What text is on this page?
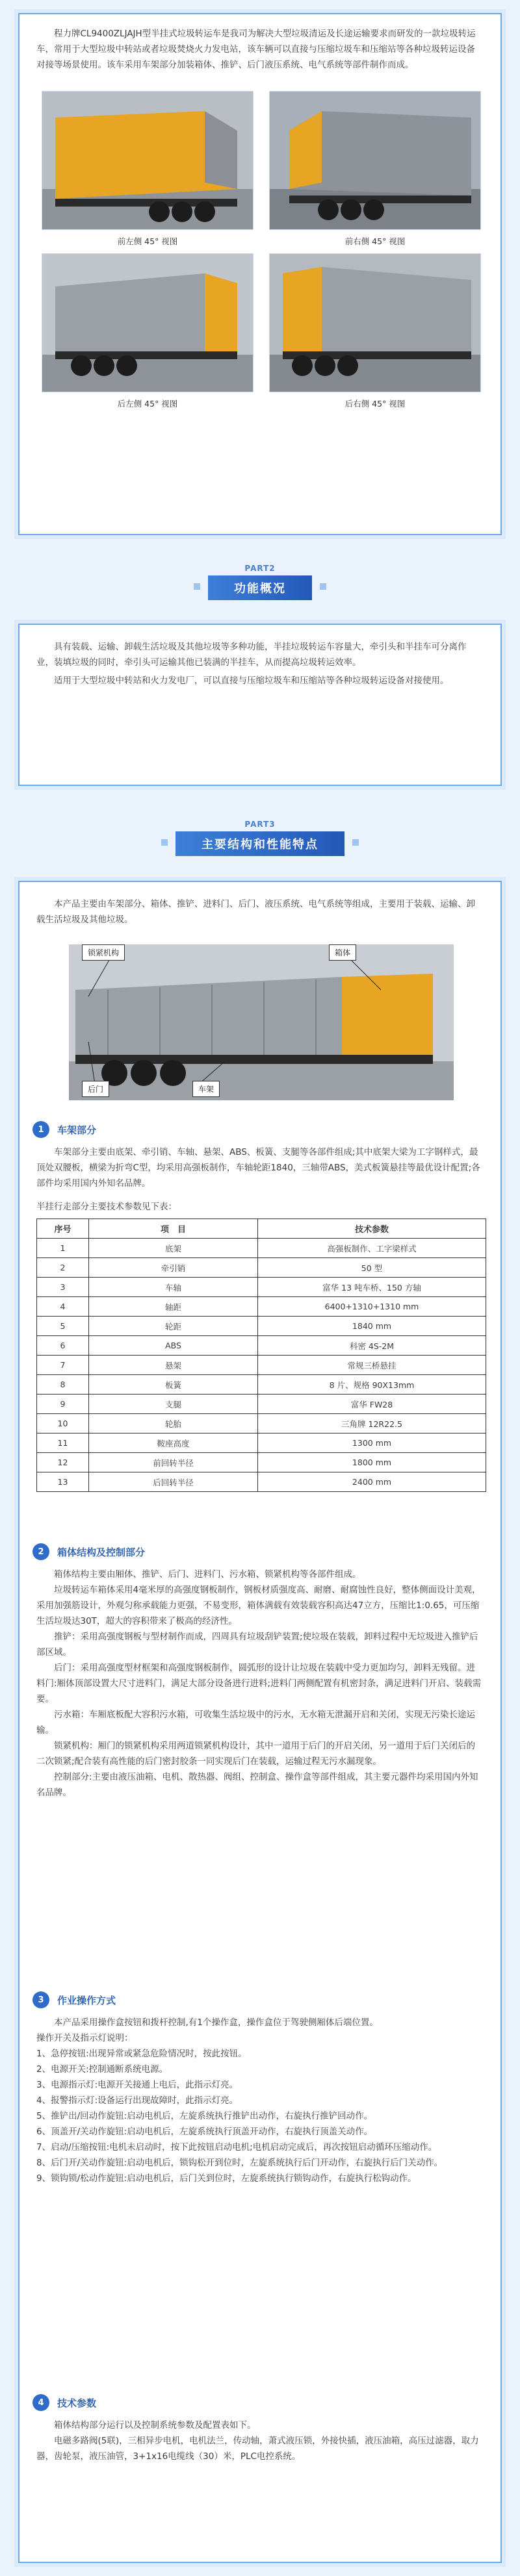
程力牌CL9400ZLJAJH型半挂式垃圾转运车是我司为解决大型垃圾清运及长途运输要求而研发的一款垃圾转运车，常用于大型垃圾中转站或者垃圾焚烧火力发电站，该车辆可以直接与压缩垃圾车和压缩站等各种垃圾转运设备对接等场景使用。该车采用车架部分加装箱体、推铲、后门液压系统、电气系统等部件制作而成。

前左侧 45° 视图	前右侧 45° 视图
后左侧 45° 视图	后右侧 45° 视图
PART2
功能概况

具有装载、运输、卸载生活垃圾及其他垃圾等多种功能，半挂垃圾转运车容量大，牵引头和半挂车可分离作业，装填垃圾的同时，牵引头可运输其他已装满的半挂车，从而提高垃圾转运效率。

适用于大型垃圾中转站和火力发电厂，可以直接与压缩垃圾车和压缩站等各种垃圾转运设备对接使用。

PART3
主要结构和性能特点

本产品主要由车架部分、箱体、推铲、进料门、后门、液压系统、电气系统等组成，主要用于装载、运输、卸载生活垃圾及其他垃圾。

锁紧机构	箱体
后门	车架
1	车架部分

车架部分主要由底架、牵引销、车轴、悬架、ABS、板簧、支腿等各部件组成;其中底架大梁为工字钢样式，最顶处双腰板，横梁为折弯C型，均采用高强板制作，车轴轮距1840，三轴带ABS，美式板簧悬挂等最优设计配置;各部件均采用国内外知名品牌。

半挂行走部分主要技术参数见下表：

序号	项　目	技术参数
1	底架	高强板制作、工字梁样式
2	牵引销	50 型
3	车轴	富华 13 吨车桥、150 方轴
4	轴距	6400+1310+1310 mm
5	轮距	1840 mm
6	ABS	科密 4S-2M
7	悬架	常规三桥悬挂
8	板簧	8 片、规格 90X13mm
9	支腿	富华 FW28
10	轮胎	三角牌 12R22.5
11	鞍座高度	1300 mm
12	前回转半径	1800 mm
13	后回转半径	2400 mm
2	箱体结构及控制部分

箱体结构主要由厢体、推铲、后门、进料门、污水箱、锁紧机构等各部件组成。

垃圾转运车箱体采用4毫米厚的高强度钢板制作，钢板材质强度高、耐磨、耐腐蚀性良好，整体侧面设计美观，采用加强筋设计，外观匀称承载能力更强，不易变形，箱体满载有效装载容积高达47立方，压缩比1:0.65，可压缩生活垃圾达30T，超大的容积带来了极高的经济性。

推铲：采用高强度钢板与型材制作而成，四周具有垃圾刮铲装置;使垃圾在装载，卸料过程中无垃圾进入推铲后部区域。

后门：采用高强度型材框架和高强度钢板制作，圆弧形的设计让垃圾在装载中受力更加均匀，卸料无残留。进料门:厢体顶部设置大尺寸进料门，满足大部分设备进行进料;进料门两侧配置有机密封条，满足进料门开启、装载需要。

污水箱：车厢底板配大容积污水箱，可收集生活垃圾中的污水，无水箱无泄漏开启和关闭，实现无污染长途运输。

锁紧机构：厢门的锁紧机构采用两道锁紧机构设计，其中一道用于后门的开启关闭，另一道用于后门关闭后的二次锁紧;配合装有高性能的后门密封胶条一同实现后门在装载，运输过程无污水漏现象。

控制部分:主要由液压油箱、电机、散热器、阀组、控制盒、操作盒等部件组成，其主要元器件均采用国内外知名品牌。

3	作业操作方式

本产品采用操作盒按钮和拨杆控制,有1个操作盒，操作盒位于驾驶侧厢体后端位置。

操作开关及指示灯说明：

1、急停按钮:出现异常或紧急危险情况时，按此按钮。

2、电源开关:控制通断系统电源。

3、电源指示灯:电源开关接通上电后，此指示灯亮。

4、报警指示灯:设备运行出现故障时，此指示灯亮。

5、推铲出/回动作旋钮:启动电机后，左旋系统执行推铲出动作，右旋执行推铲回动作。

6、顶盖开/关动作旋钮:启动电机后，左旋系统执行顶盖开动作，右旋执行顶盖关动作。

7、启动/压缩按钮:电机未启动时，按下此按钮启动电机;电机启动完成后，再次按钮启动循环压缩动作。

8、后门开/关动作旋钮:启动电机后，锁钩松开到位时，左旋系统执行后门开动作，右旋执行后门关动作。

9、锁钩锁/松动作旋钮:启动电机后，后门关到位时，左旋系统执行锁钩动作，右旋执行松钩动作。

4	技术参数

箱体结构部分运行以及控制系统参数及配置表如下。

电磁多路阀(5联)，三相异步电机，电机法兰，传动轴，萧式液压锁，外接快插，液压油箱，高压过滤器，取力器，齿轮泵，液压油管，3+1x16电缆线（30）米，PLC电控系统。
